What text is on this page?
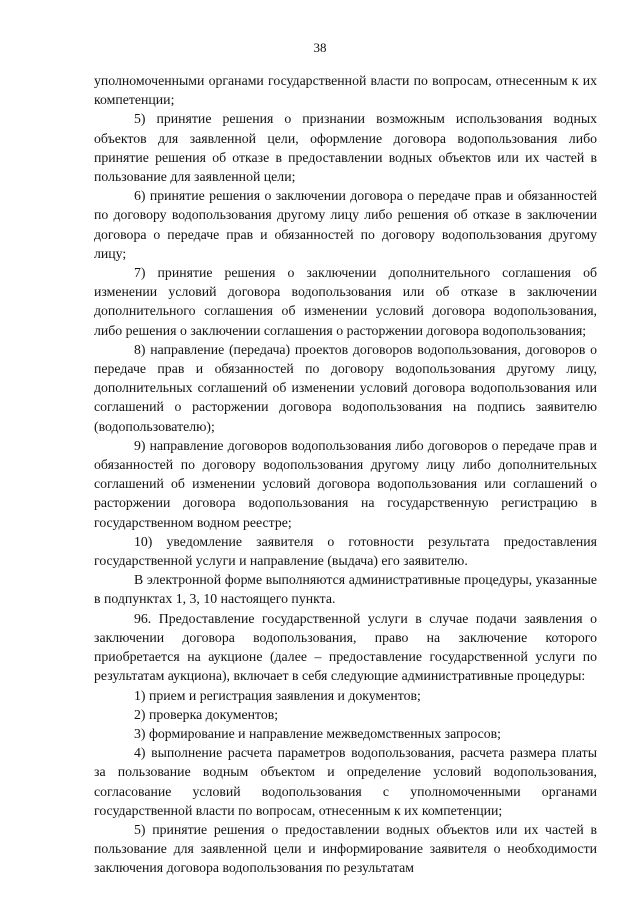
38

уполномоченными органами государственной власти по вопросам, отнесенным к их компетенции;

5) принятие решения о признании возможным использования водных объектов для заявленной цели, оформление договора водопользования либо принятие решения об отказе в предоставлении водных объектов или их частей в пользование для заявленной цели;

6) принятие решения о заключении договора о передаче прав и обязанностей по договору водопользования другому лицу либо решения об отказе в заключении договора о передаче прав и обязанностей по договору водопользования другому лицу;

7) принятие решения о заключении дополнительного соглашения об изменении условий договора водопользования или об отказе в заключении дополнительного соглашения об изменении условий договора водопользования, либо решения о заключении соглашения о расторжении договора водопользования;

8) направление (передача) проектов договоров водопользования, договоров о передаче прав и обязанностей по договору водопользования другому лицу, дополнительных соглашений об изменении условий договора водопользования или соглашений о расторжении договора водопользования на подпись заявителю (водопользователю);

9) направление договоров водопользования либо договоров о передаче прав и обязанностей по договору водопользования другому лицу либо дополнительных соглашений об изменении условий договора водопользования или соглашений о расторжении договора водопользования на государственную регистрацию в государственном водном реестре;

10) уведомление заявителя о готовности результата предоставления государственной услуги и направление (выдача) его заявителю.

В электронной форме выполняются административные процедуры, указанные в подпунктах 1, 3, 10 настоящего пункта.

96. Предоставление государственной услуги в случае подачи заявления о заключении договора водопользования, право на заключение которого приобретается на аукционе (далее – предоставление государственной услуги по результатам аукциона), включает в себя следующие административные процедуры:

1) прием и регистрация заявления и документов;

2) проверка документов;

3) формирование и направление межведомственных запросов;

4) выполнение расчета параметров водопользования, расчета размера платы за пользование водным объектом и определение условий водопользования, согласование условий водопользования с уполномоченными органами государственной власти по вопросам, отнесенным к их компетенции;

5) принятие решения о предоставлении водных объектов или их частей в пользование для заявленной цели и информирование заявителя о необходимости заключения договора водопользования по результатам
